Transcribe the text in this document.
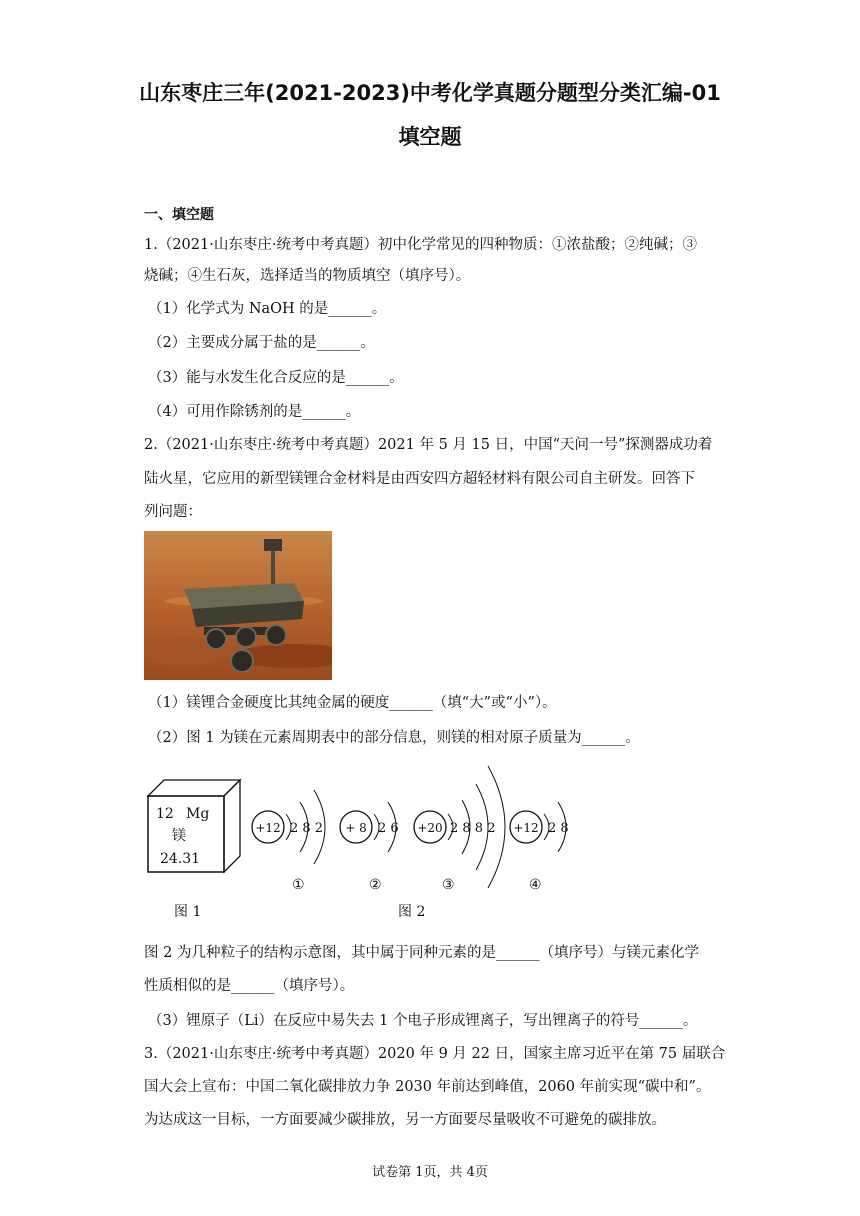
山东枣庄三年(2021-2023)中考化学真题分题型分类汇编-01
填空题
一、填空题
1.（2021·山东枣庄·统考中考真题）初中化学常见的四种物质：①浓盐酸；②纯碱；③
烧碱；④生石灰，选择适当的物质填空（填序号）。
（1）化学式为 NaOH 的是______。
（2）主要成分属于盐的是______。
（3）能与水发生化合反应的是______。
（4）可用作除锈剂的是______。
2.（2021·山东枣庄·统考中考真题）2021 年 5 月 15 日，中国“天问一号”探测器成功着
陆火星，它应用的新型镁锂合金材料是由西安四方超轻材料有限公司自主研发。回答下
列问题：
（1）镁锂合金硬度比其纯金属的硬度______（填“大”或“小”）。
（2）图 1 为镁在元素周期表中的部分信息，则镁的相对原子质量为______。
12 Mg
镁
24.31
图 1
+12 2 8 2
①
+ 8 2 6
②
+20 2 8 8 2
③
+12 2 8
④
图 2
图 2 为几种粒子的结构示意图，其中属于同种元素的是______（填序号）与镁元素化学
性质相似的是______（填序号）。
（3）锂原子（Li）在反应中易失去 1 个电子形成锂离子，写出锂离子的符号______。
3.（2021·山东枣庄·统考中考真题）2020 年 9 月 22 日，国家主席习近平在第 75 届联合
国大会上宣布：中国二氧化碳排放力争 2030 年前达到峰值，2060 年前实现“碳中和”。
为达成这一目标，一方面要减少碳排放，另一方面要尽量吸收不可避免的碳排放。
试卷第 1页，共 4页
